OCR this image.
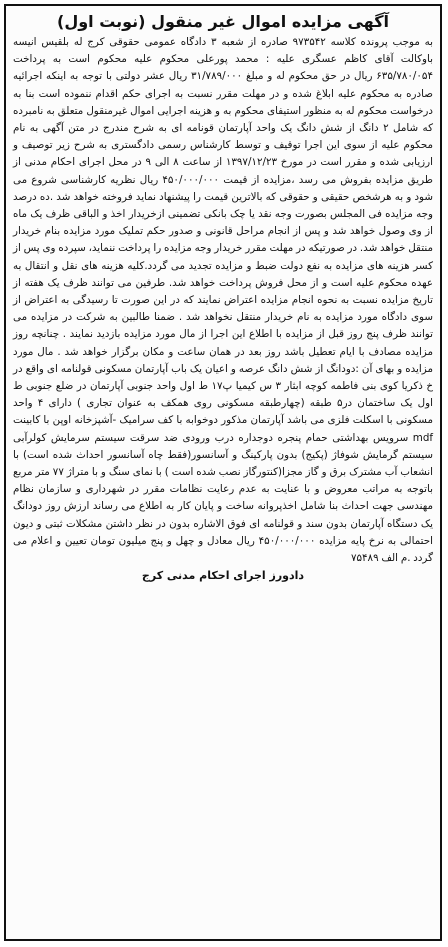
آگهی مزایده اموال غیر منقول (نوبت اول)

به موجب پرونده کلاسه ۹۷۳۵۴۲ صادره از شعبه ۳ دادگاه عمومی حقوقی کرج له بلقیس انیسه باوکالت آقای کاظم عسگری علیه : محمد پورعلی محکوم علیه محکوم است به پرداخت ۶۳۵/۷۸۰/۰۵۴ ریال در حق محکوم له و مبلغ ۳۱/۷۸۹/۰۰۰ ریال عشر دولتی با توجه به اینکه اجرائیه صادره به محکوم علیه ابلاغ شده و در مهلت مقرر نسبت به اجرای حکم اقدام ننموده است بنا به درخواست محکوم له به منظور استیفای محکوم به و هزینه اجرایی اموال غیرمنقول متعلق به نامبرده که شامل ۲ دانگ از شش دانگ یک واحد آپارتمان قونامه ای به شرح مندرج در متن آگهی به نام محکوم علیه از سوی این اجرا توقیف و توسط کارشناس رسمی دادگستری به شرح زیر توصیف و ارزیابی شده و مقرر است در مورخ ۱۳۹۷/۱۲/۲۳ از ساعت ۸ الی ۹ در محل اجرای احکام مدنی از طریق مزایده بفروش می رسد ،مزایده از قیمت ۴۵۰/۰۰۰/۰۰۰ ریال نظریه کارشناسی شروع می شود و به هرشخص حقیقی و حقوقی که بالاترین قیمت را پیشنهاد نماید فروخته خواهد شد .ده درصد وجه مزایده فی المجلس بصورت وجه نقد یا چک بانکی تضمینی ازخریدار اخذ و الباقی ظرف یک ماه از وی وصول خواهد شد و پس از انجام مراحل قانونی و صدور حکم تملیک مورد مزایده بنام خریدار منتقل خواهد شد. در صورتیکه در مهلت مقرر خریدار وجه مزایده را پرداخت ننماید، سپرده وی پس از کسر هزینه های مزایده به نفع دولت ضبط و مزایده تجدید می گردد.کلیه هزینه های نقل و انتقال به عهده محکوم علیه است و از محل فروش پرداخت خواهد شد. طرفین می توانند ظرف یک هفته از تاریخ مزایده نسبت به نحوه انجام مزایده اعتراض نمایند که در این صورت تا رسیدگی به اعتراض از سوی دادگاه مورد مزایده به نام خریدار منتقل نخواهد شد . ضمنا طالبین به شرکت در مزایده می توانند ظرف پنج روز قبل از مزایده با اطلاع این اجرا از مال مورد مزایده بازدید نمایند . چنانچه روز مزایده مصادف با ایام تعطیل باشد روز بعد در همان ساعت و مکان برگزار خواهد شد . مال مورد مزایده و بهای آن :دودانگ از شش دانگ عرصه و اعیان یک باب آپارتمان مسکونی قولنامه ای واقع در خ ذکریا کوی بنی فاطمه کوچه ابثار ۳ س کیمیا پ۱۷ ط اول واحد جنوبی آپارتمان در ضلع جنوبی ط اول یک ساختمان در۵ طبقه (چهارطبقه مسکونی روی همکف به عنوان تجاری ) دارای ۴ واحد مسکونی با اسکلت فلزی می باشد آپارتمان مذکور دوخوابه با کف سرامیک -آشپزخانه اوپن با کابینت mdf سرویس بهداشتی حمام پنجره دوجداره درب ورودی ضد سرقت سیستم سرمایش کولرآبی سیستم گرمایش شوفاژ (پکیج) بدون پارکینگ و آسانسور(فقط چاه آسانسور احداث شده است) با انشعاب آب مشترک برق و گاز مجزا(کنتورگاز نصب شده است ) با نمای سنگ و با متراژ ۷۷ متر مربع باتوجه به مراتب معروض و با عنایت به عدم رعایت نظامات مقرر در شهرداری و سازمان نظام مهندسی جهت احداث بنا شامل اخذپروانه ساخت و پایان کار به اطلاع می رساند ارزش روز دودانگ یک دستگاه آپارتمان بدون سند و قولنامه ای فوق الاشاره بدون در نظر داشتن مشکلات ثبتی و دیون احتمالی به نرخ پایه مزایده ۴۵۰/۰۰۰/۰۰۰ ریال معادل و چهل و پنج میلیون تومان تعیین و اعلام می گردد .م الف ۷۵۴۸۹

دادورز اجرای احکام مدنی کرج
